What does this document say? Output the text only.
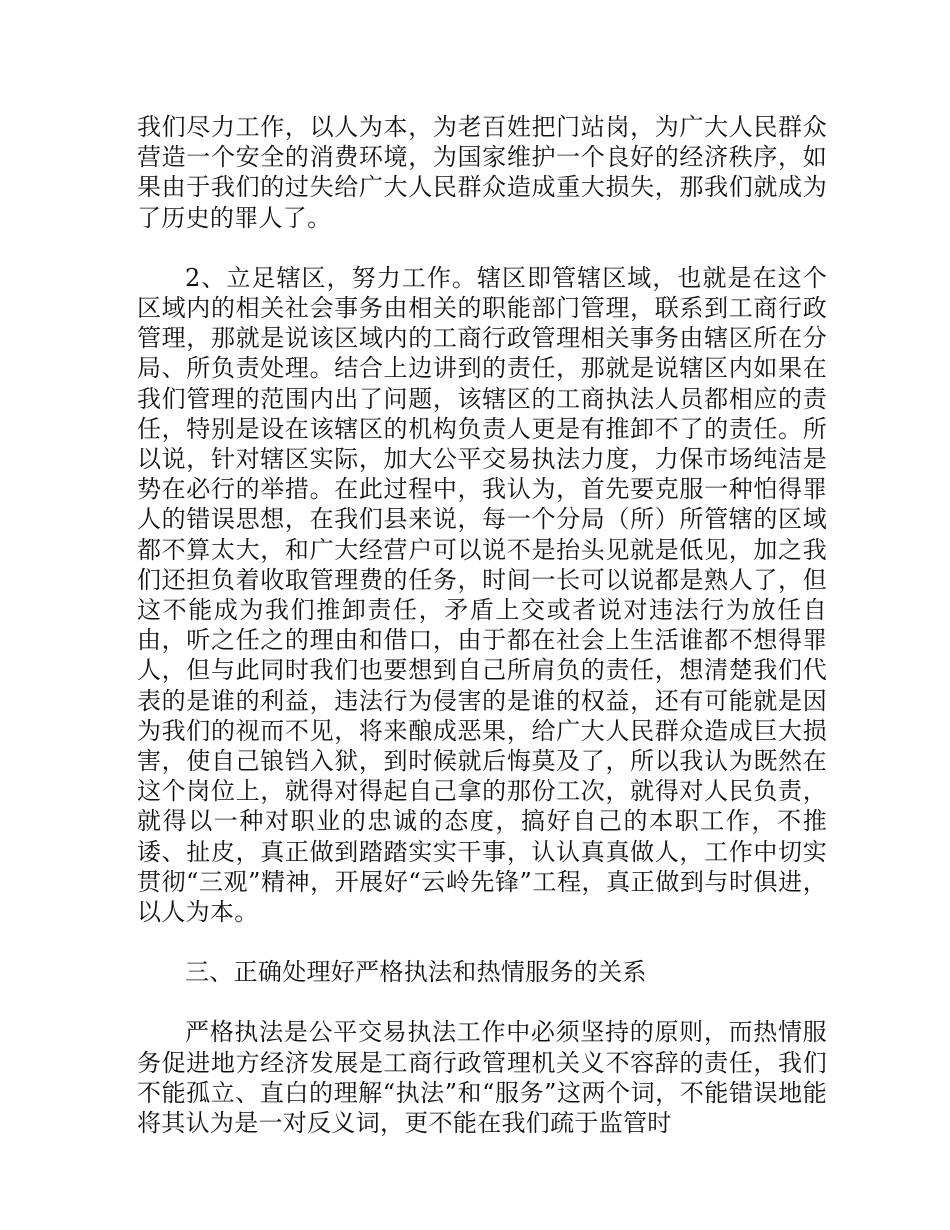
我们尽力工作，以人为本，为老百姓把门站岗，为广大人民群众营造一个安全的消费环境，为国家维护一个良好的经济秩序，如果由于我们的过失给广大人民群众造成重大损失，那我们就成为了历史的罪人了。

2、立足辖区，努力工作。辖区即管辖区域，也就是在这个区域内的相关社会事务由相关的职能部门管理，联系到工商行政管理，那就是说该区域内的工商行政管理相关事务由辖区所在分局、所负责处理。结合上边讲到的责任，那就是说辖区内如果在我们管理的范围内出了问题，该辖区的工商执法人员都相应的责任，特别是设在该辖区的机构负责人更是有推卸不了的责任。所以说，针对辖区实际，加大公平交易执法力度，力保市场纯洁是势在必行的举措。在此过程中，我认为，首先要克服一种怕得罪人的错误思想，在我们县来说，每一个分局（所）所管辖的区域都不算太大，和广大经营户可以说不是抬头见就是低见，加之我们还担负着收取管理费的任务，时间一长可以说都是熟人了，但这不能成为我们推卸责任，矛盾上交或者说对违法行为放任自由，听之任之的理由和借口，由于都在社会上生活谁都不想得罪人，但与此同时我们也要想到自己所肩负的责任，想清楚我们代表的是谁的利益，违法行为侵害的是谁的权益，还有可能就是因为我们的视而不见，将来酿成恶果，给广大人民群众造成巨大损害，使自己锒铛入狱，到时候就后悔莫及了，所以我认为既然在这个岗位上，就得对得起自己拿的那份工次，就得对人民负责，就得以一种对职业的忠诚的态度，搞好自己的本职工作，不推诿、扯皮，真正做到踏踏实实干事，认认真真做人，工作中切实贯彻“三观”精神，开展好“云岭先锋”工程，真正做到与时俱进，以人为本。

三、正确处理好严格执法和热情服务的关系

严格执法是公平交易执法工作中必须坚持的原则，而热情服务促进地方经济发展是工商行政管理机关义不容辞的责任，我们不能孤立、直白的理解“执法”和“服务”这两个词，不能错误地能将其认为是一对反义词，更不能在我们疏于监管时
